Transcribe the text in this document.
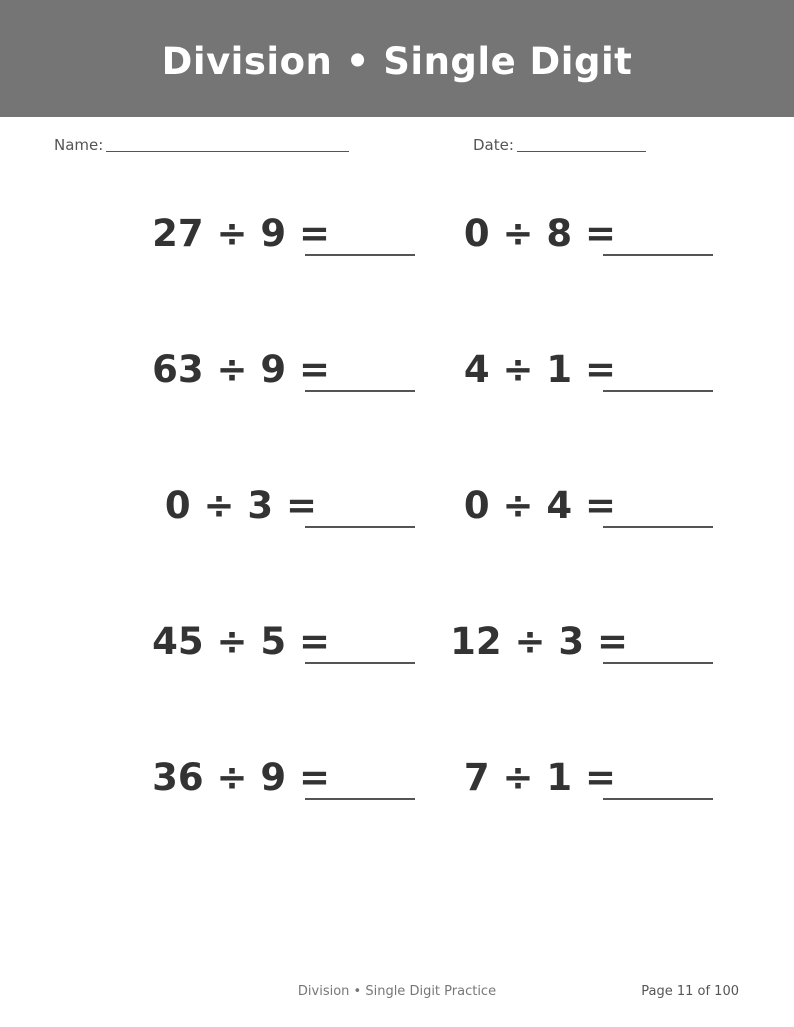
Division • Single Digit
Name:	Date:
27 ÷ 9 =	0 ÷ 8 =
63 ÷ 9 =	4 ÷ 1 =
0 ÷ 3 =	0 ÷ 4 =
45 ÷ 5 =	12 ÷ 3 =
36 ÷ 9 =	7 ÷ 1 =
Division • Single Digit Practice	Page 11 of 100
